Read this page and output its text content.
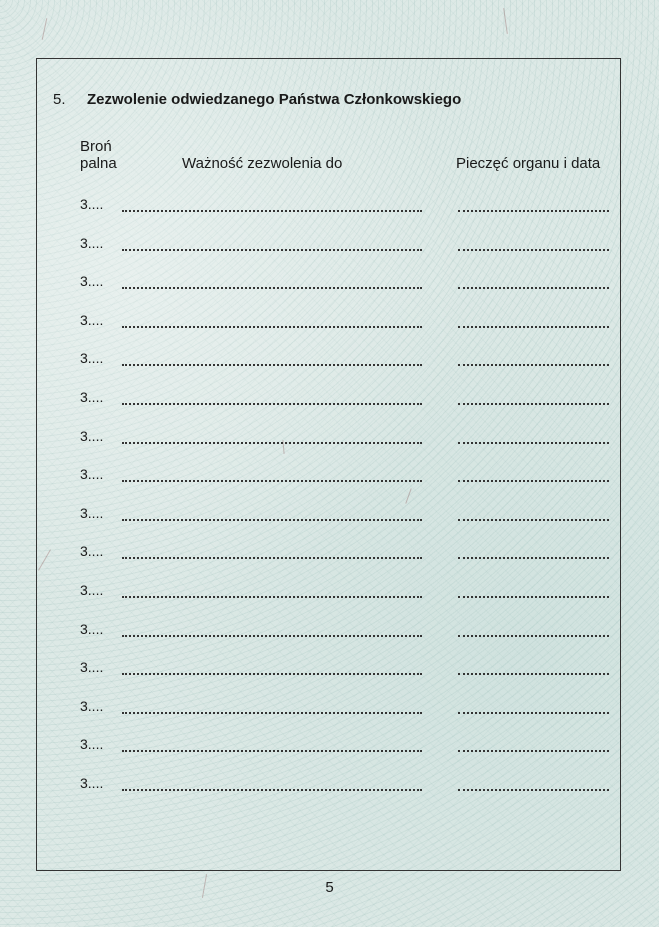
5. Zezwolenie odwiedzanego Państwa Członkowskiego
Broń palna	Ważność zezwolenia do	Pieczęć organu i data
3....
3....
3....
3....
3....
3....
3....
3....
3....
3....
3....
3....
3....
3....
3....
3....
5
